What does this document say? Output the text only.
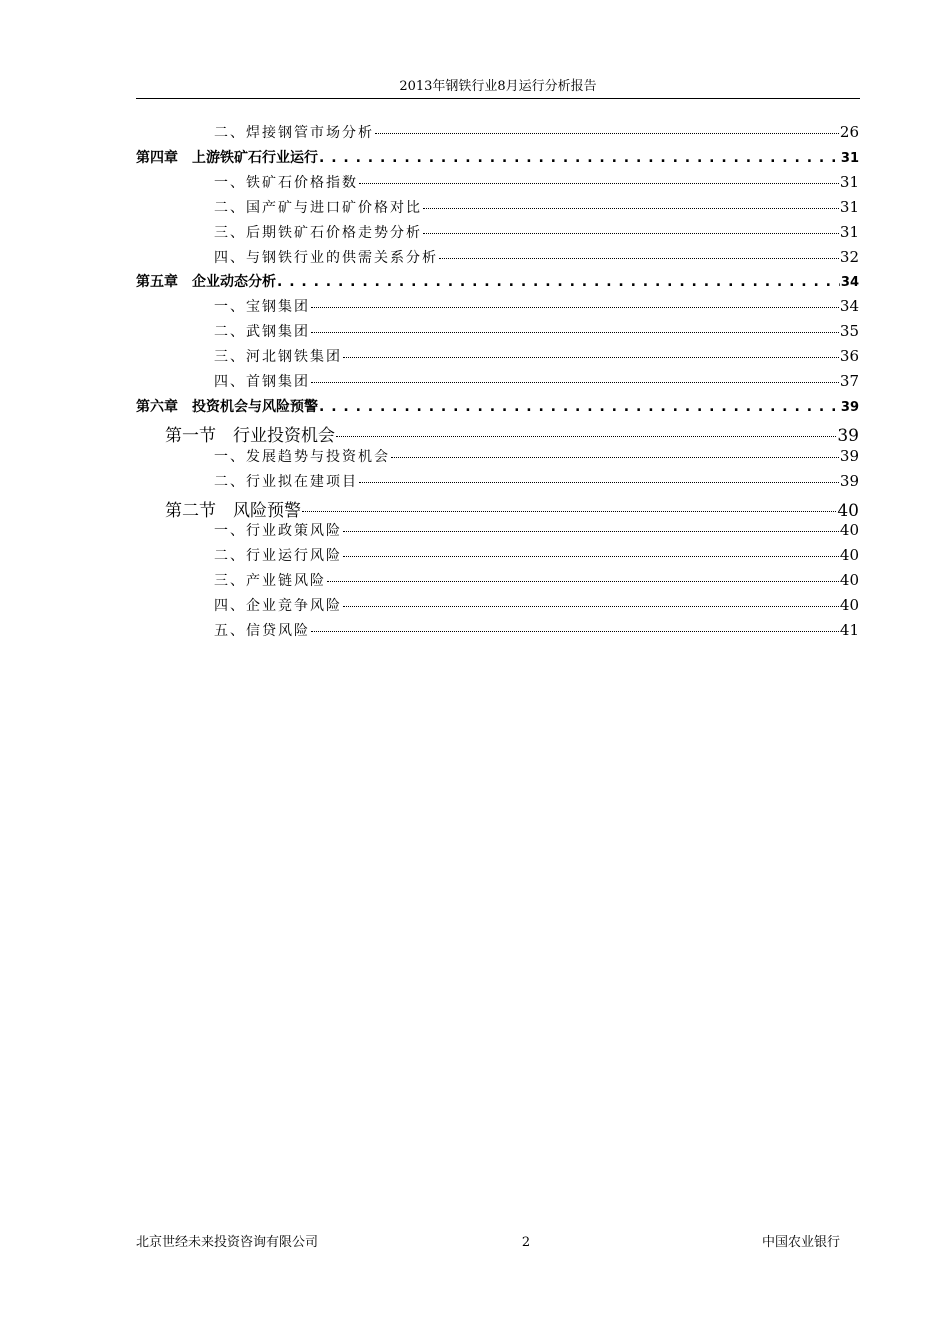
2013年钢铁行业8月运行分析报告
二、焊接钢管市场分析	26
第四章　上游铁矿石行业运行 . . .	31
一、铁矿石价格指数	31
二、国产矿与进口矿价格对比	31
三、后期铁矿石价格走势分析	31
四、与钢铁行业的供需关系分析	32
第五章　企业动态分析 . . .	34
一、宝钢集团	34
二、武钢集团	35
三、河北钢铁集团	36
四、首钢集团	37
第六章　投资机会与风险预警 . . .	39
第一节　行业投资机会	39
一、发展趋势与投资机会	39
二、行业拟在建项目	39
第二节　风险预警	40
一、行业政策风险	40
二、行业运行风险	40
三、产业链风险	40
四、企业竞争风险	40
五、信贷风险	41
北京世经未来投资咨询有限公司	2	中国农业银行
